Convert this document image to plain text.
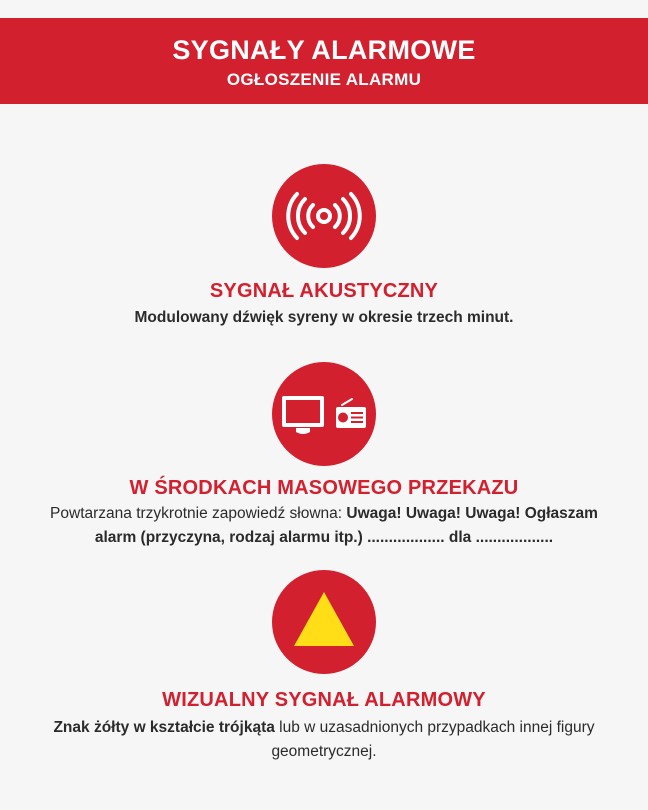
SYGNAŁY ALARMOWE
OGŁOSZENIE ALARMU
SYGNAŁ AKUSTYCZNY
Modulowany dźwięk syreny w okresie trzech minut.
W ŚRODKACH MASOWEGO PRZEKAZU
Powtarzana trzykrotnie zapowiedź słowna: Uwaga! Uwaga! Uwaga! Ogłaszam alarm (przyczyna, rodzaj alarmu itp.) .................. dla ..................
WIZUALNY SYGNAŁ ALARMOWY
Znak żółty w kształcie trójkąta lub w uzasadnionych przypadkach innej figury geometrycznej.
